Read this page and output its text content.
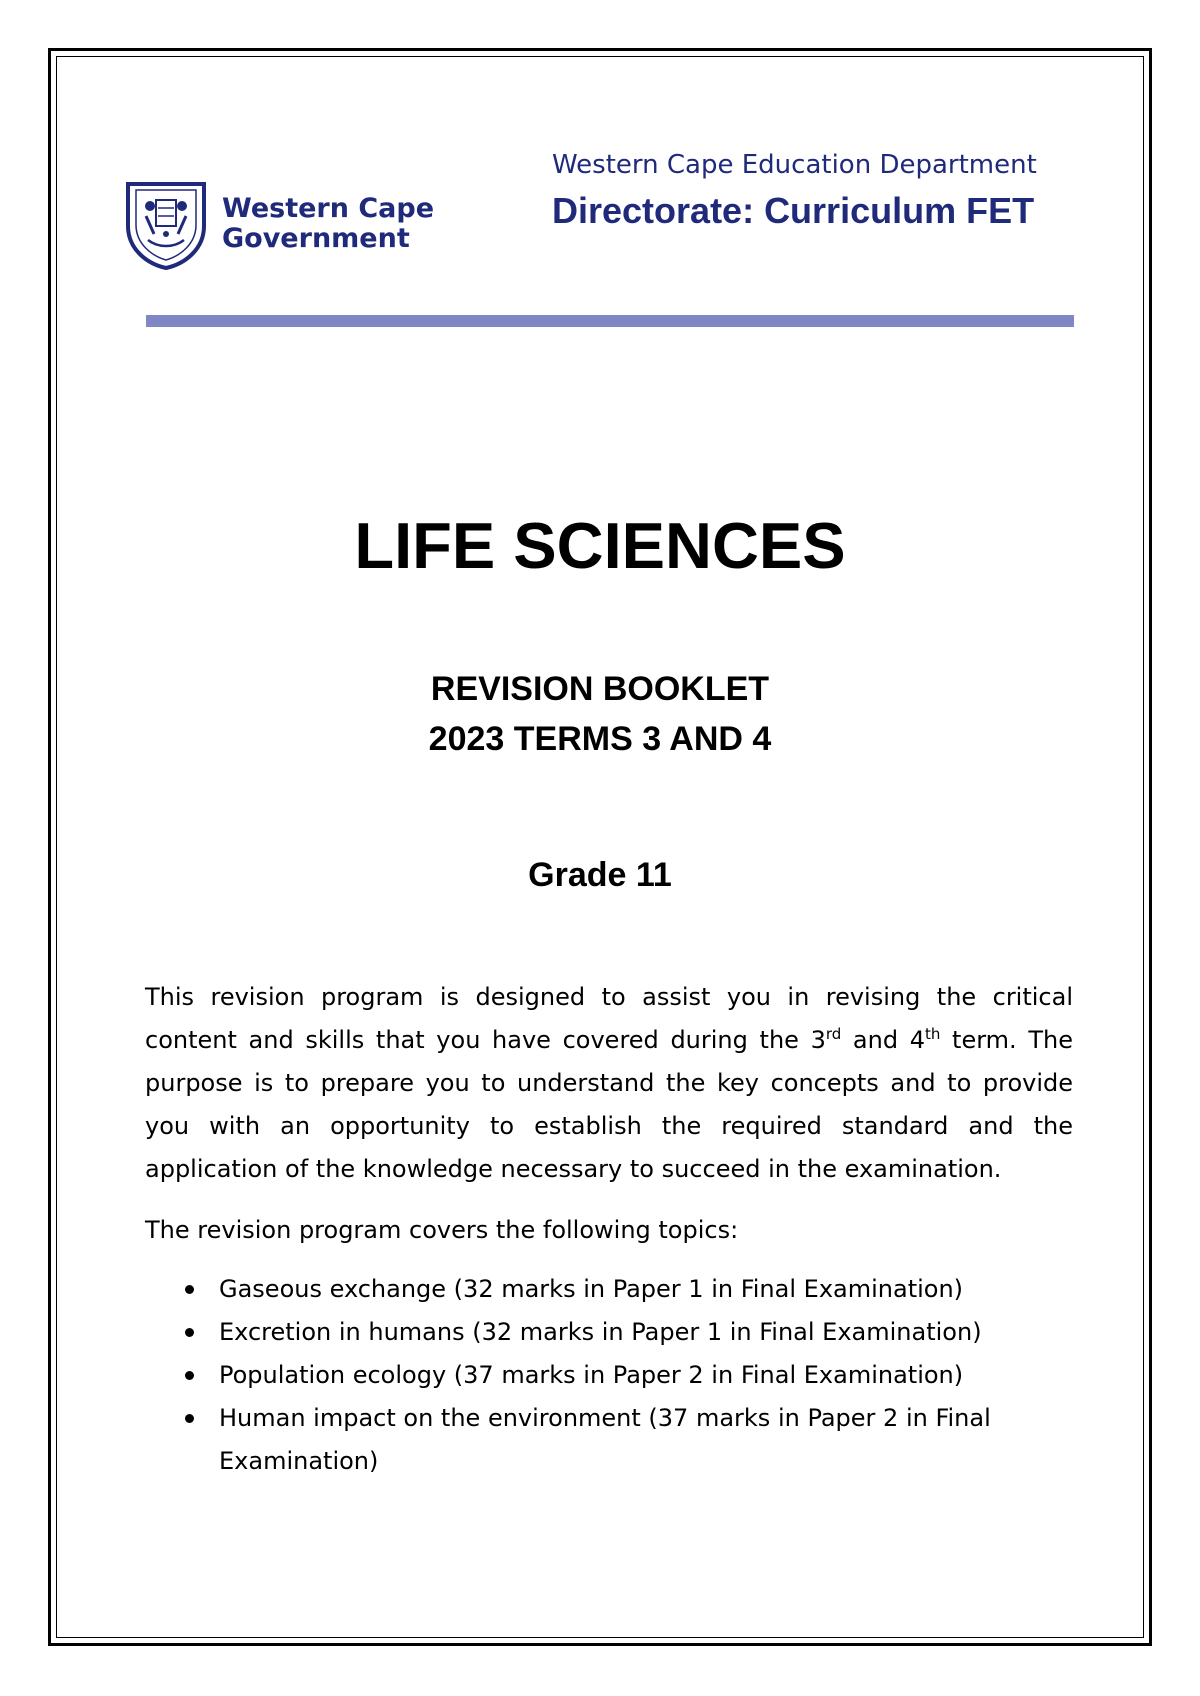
Western Cape
Government
Western Cape Education Department
Directorate: Curriculum FET
LIFE SCIENCES
REVISION BOOKLET
2023 TERMS 3 AND 4
Grade 11

This revision program is designed to assist you in revising the critical content and skills that you have covered during the 3rd and 4th term. The purpose is to prepare you to understand the key concepts and to provide you with an opportunity to establish the required standard and the application of the knowledge necessary to succeed in the examination.

The revision program covers the following topics:

Gaseous exchange (32 marks in Paper 1 in Final Examination)
Excretion in humans (32 marks in Paper 1 in Final Examination)
Population ecology (37 marks in Paper 2 in Final Examination)
Human impact on the environment (37 marks in Paper 2 in Final Examination)
